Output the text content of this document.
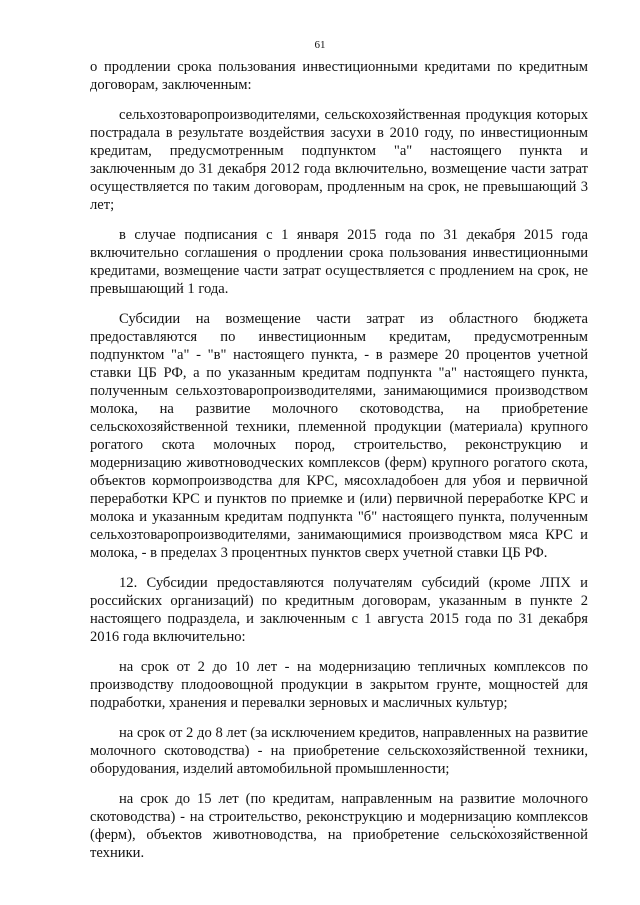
61

о продлении срока пользования инвестиционными кредитами по кредитным договорам, заключенным:

сельхозтоваропроизводителями, сельскохозяйственная продукция которых пострадала в результате воздействия засухи в 2010 году, по инвестиционным кредитам, предусмотренным подпунктом "а" настоящего пункта и заключенным до 31 декабря 2012 года включительно, возмещение части затрат осуществляется по таким договорам, продленным на срок, не превышающий 3 лет;

в случае подписания с 1 января 2015 года по 31 декабря 2015 года включительно соглашения о продлении срока пользования инвестиционными кредитами, возмещение части затрат осуществляется с продлением на срок, не превышающий 1 года.

Субсидии на возмещение части затрат из областного бюджета предоставляются по инвестиционным кредитам, предусмотренным подпунктом "а" - "в" настоящего пункта, - в размере 20 процентов учетной ставки ЦБ РФ, а по указанным кредитам подпункта "а" настоящего пункта, полученным сельхозтоваропроизводителями, занимающимися производством молока, на развитие молочного скотоводства, на приобретение сельскохозяйственной техники, племенной продукции (материала) крупного рогатого скота молочных пород, строительство, реконструкцию и модернизацию животноводческих комплексов (ферм) крупного рогатого скота, объектов кормопроизводства для КРС, мясохладобоен для убоя и первичной переработки КРС и пунктов по приемке и (или) первичной переработке КРС и молока и указанным кредитам подпункта "б" настоящего пункта, полученным сельхозтоваропроизводителями, занимающимися производством мяса КРС и молока, - в пределах 3 процентных пунктов сверх учетной ставки ЦБ РФ.

12. Субсидии предоставляются получателям субсидий (кроме ЛПХ и российских организаций) по кредитным договорам, указанным в пункте 2 настоящего подраздела, и заключенным с 1 августа 2015 года по 31 декабря 2016 года включительно:

на срок от 2 до 10 лет - на модернизацию тепличных комплексов по производству плодоовощной продукции в закрытом грунте, мощностей для подработки, хранения и перевалки зерновых и масличных культур;

на срок от 2 до 8 лет (за исключением кредитов, направленных на развитие молочного скотоводства) - на приобретение сельскохозяйственной техники, оборудования, изделий автомобильной промышленности;

на срок до 15 лет (по кредитам, направленным на развитие молочного скотоводства) - на строительство, реконструкцию и модернизацию комплексов (ферм), объектов животноводства, на приобретение сельскохозяйственной техники.
